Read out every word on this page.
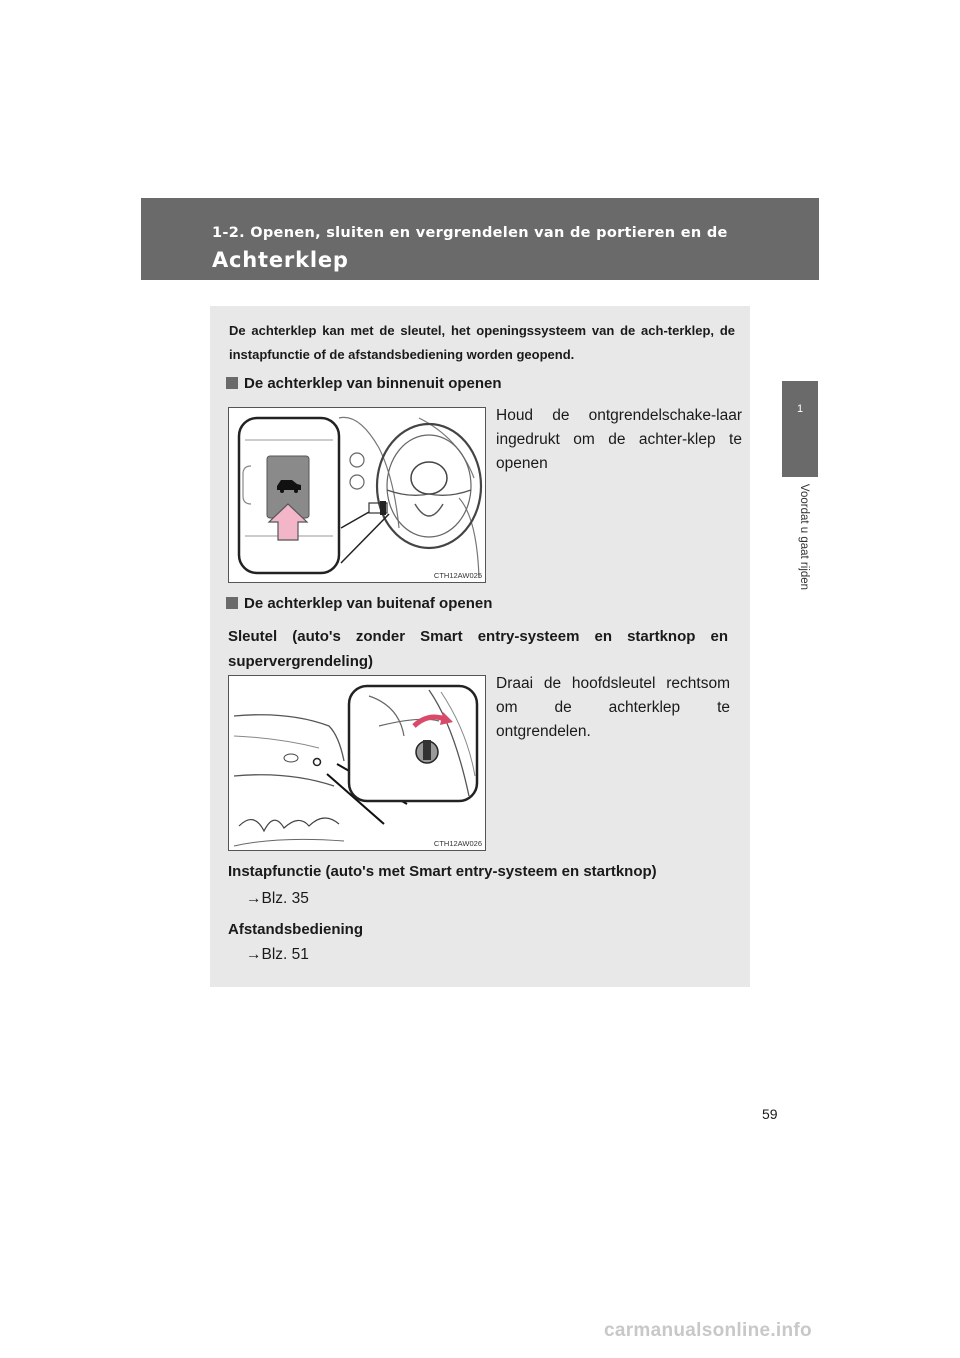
1-2. Openen, sluiten en vergrendelen van de portieren en de
Achterklep
1
Voordat u gaat rijden
De achterklep kan met de sleutel, het openingssysteem van de ach-terklep, de instapfunctie of de afstandsbediening worden geopend.
De achterklep van binnenuit openen
CTH12AW025
Houd de ontgrendelschake-laar ingedrukt om de achter-klep te openen
De achterklep van buitenaf openen
Sleutel (auto's zonder Smart entry-systeem en startknop en supervergrendeling)
CTH12AW026
Draai de hoofdsleutel rechtsom om de achterklep te ontgrendelen.
Instapfunctie (auto's met Smart entry-systeem en startknop)
→Blz. 35
Afstandsbediening
→Blz. 51
59
carmanualsonline.info
